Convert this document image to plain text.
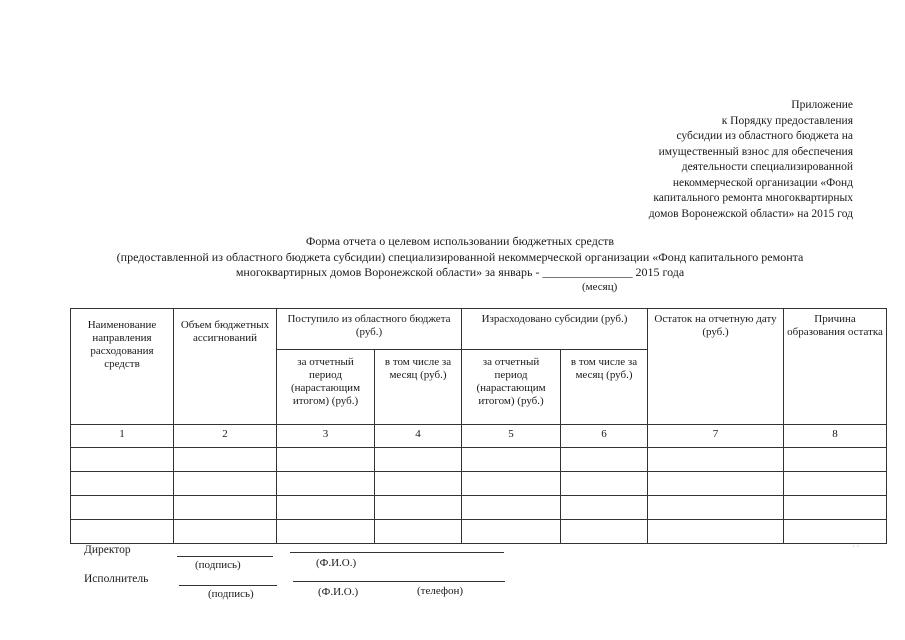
Приложение
к Порядку предоставления
субсидии из областного бюджета на
имущественный взнос для обеспечения
деятельности специализированной
некоммерческой организации «Фонд
капитального ремонта многоквартирных
домов Воронежской области» на 2015 год
Форма отчета о целевом использовании бюджетных средств
(предоставленной из областного бюджета субсидии) специализированной некоммерческой организации «Фонд капитального ремонта
многоквартирных домов Воронежской области» за январь - _______________ 2015 года
(месяц)
Наименование направления расходования средств	Объем бюджетных ассигнований	Поступило из областного бюджета (руб.)		Израсходовано субсидии (руб.)		Остаток на отчетную дату (руб.)	Причина образования остатка
		за отчетный период (нарастающим итогом) (руб.)	в том числе за месяц (руб.)	за отчетный период (нарастающим итогом) (руб.)	в том числе за месяц (руб.)		
1	2	3	4	5	6	7	8

Директор
(подпись)	(Ф.И.О.)
Исполнитель
(подпись)	(Ф.И.О.)	(телефон)
· ·
